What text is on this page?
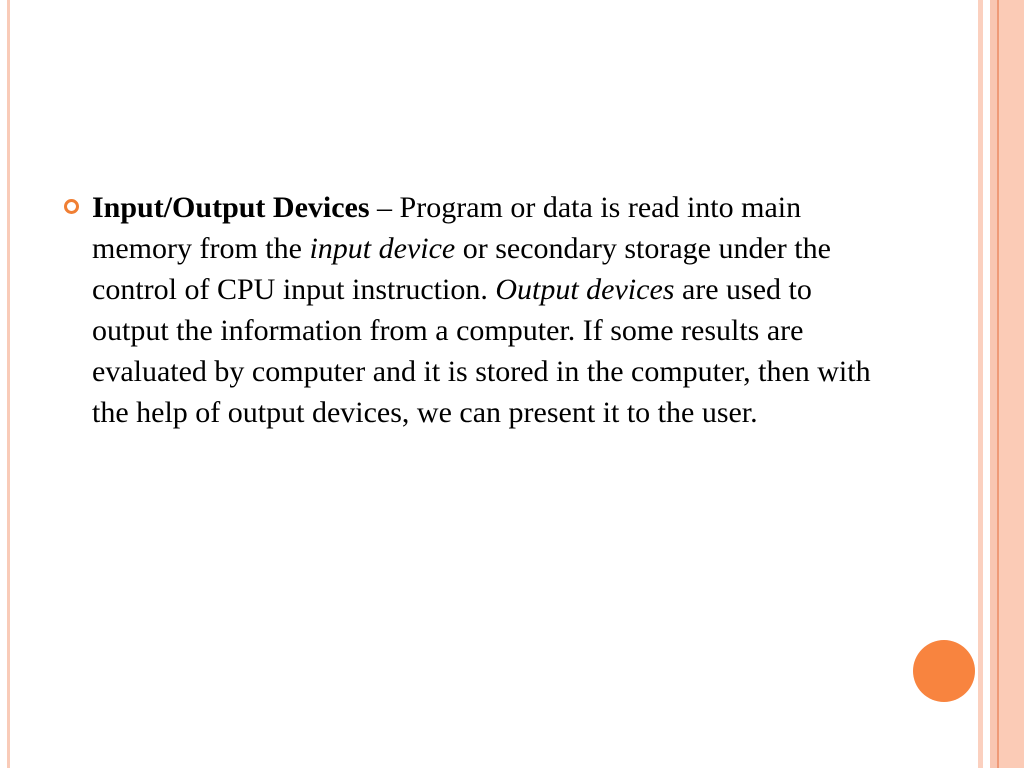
Input/Output Devices – Program or data is read into main memory from the input device or secondary storage under the control of CPU input instruction. Output devices are used to output the information from a computer. If some results are evaluated by computer and it is stored in the computer, then with the help of output devices, we can present it to the user.
